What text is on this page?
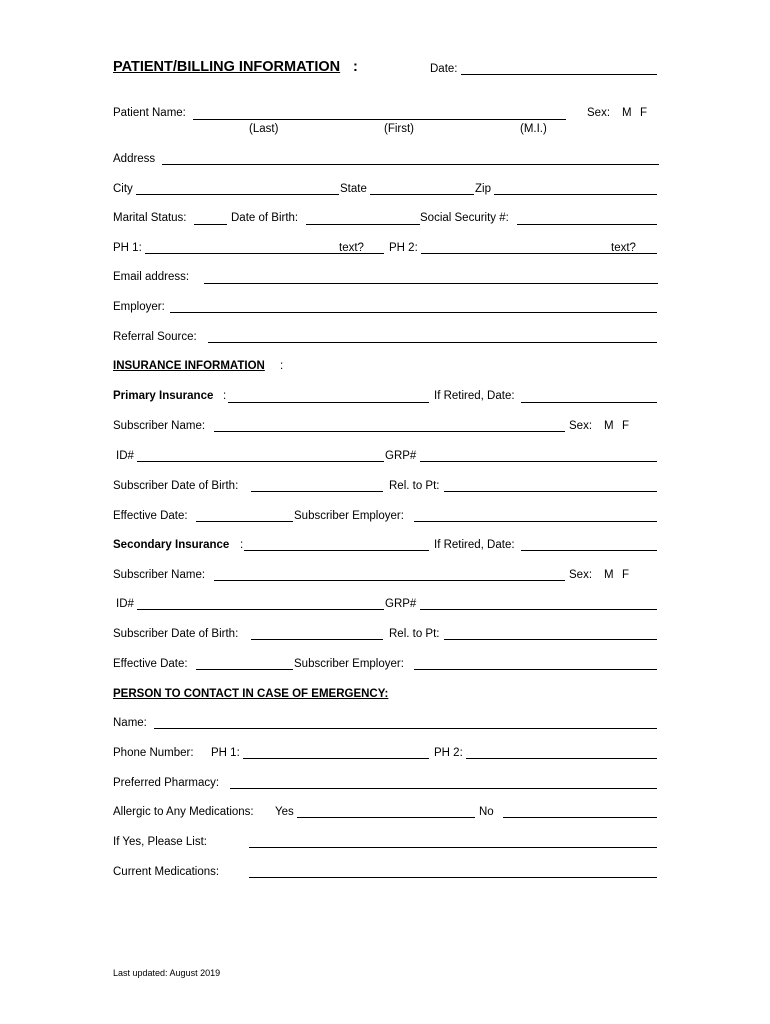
PATIENT/BILLING INFORMATION :	Date:
Patient Name:	Sex: M F
(Last)	(First)	(M.I.)
Address
City	State	Zip
Marital Status:	Date of Birth:	Social Security #:
PH 1:	text? PH 2:	text?
Email address:
Employer:
Referral Source:
INSURANCE INFORMATION :
Primary Insurance :	If Retired, Date:
Subscriber Name:	Sex: M F
ID#	GRP#
Subscriber Date of Birth:	Rel. to Pt:
Effective Date:	Subscriber Employer:
Secondary Insurance :	If Retired, Date:
Subscriber Name:	Sex: M F
ID#	GRP#
Subscriber Date of Birth:	Rel. to Pt:
Effective Date:	Subscriber Employer:
PERSON TO CONTACT IN CASE OF EMERGENCY:
Name:
Phone Number: PH 1:	PH 2:
Preferred Pharmacy:
Allergic to Any Medications: Yes	No
If Yes, Please List:
Current Medications:
Last updated: August 2019
